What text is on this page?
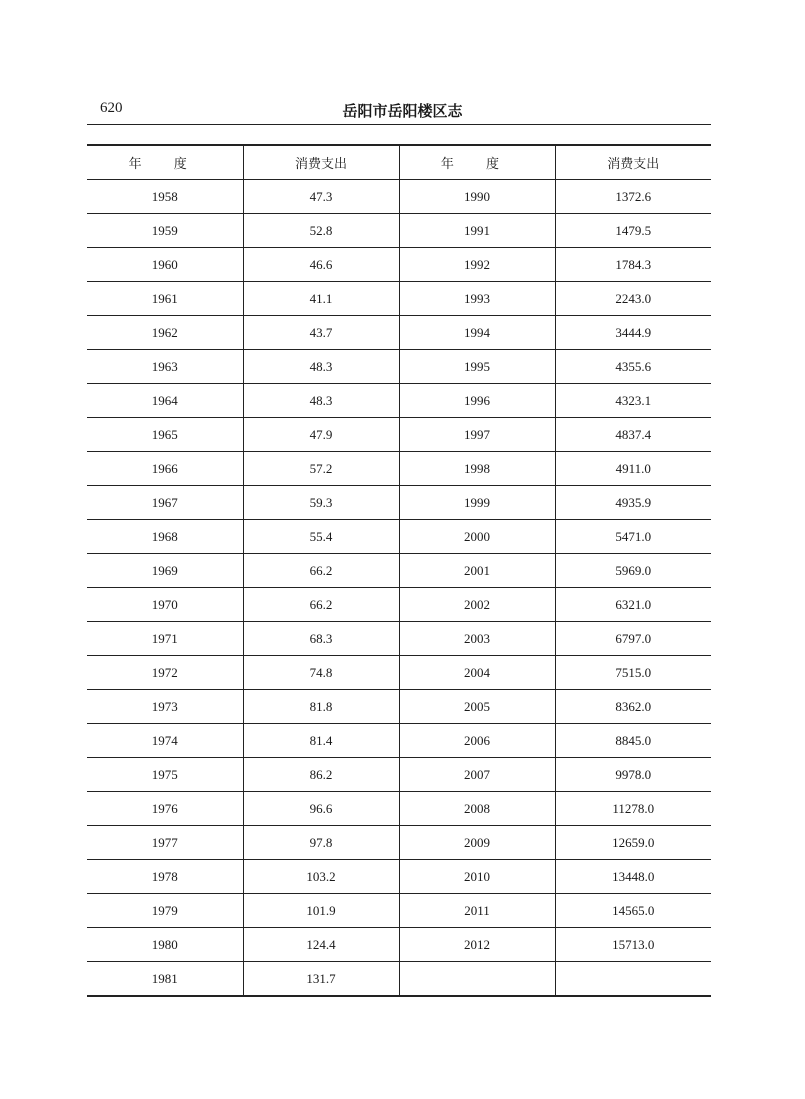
620	岳阳市岳阳楼区志
年 度	消费支出	年 度	消费支出
1958	47.3	1990	1372.6
1959	52.8	1991	1479.5
1960	46.6	1992	1784.3
1961	41.1	1993	2243.0
1962	43.7	1994	3444.9
1963	48.3	1995	4355.6
1964	48.3	1996	4323.1
1965	47.9	1997	4837.4
1966	57.2	1998	4911.0
1967	59.3	1999	4935.9
1968	55.4	2000	5471.0
1969	66.2	2001	5969.0
1970	66.2	2002	6321.0
1971	68.3	2003	6797.0
1972	74.8	2004	7515.0
1973	81.8	2005	8362.0
1974	81.4	2006	8845.0
1975	86.2	2007	9978.0
1976	96.6	2008	11278.0
1977	97.8	2009	12659.0
1978	103.2	2010	13448.0
1979	101.9	2011	14565.0
1980	124.4	2012	15713.0
1981	131.7		
